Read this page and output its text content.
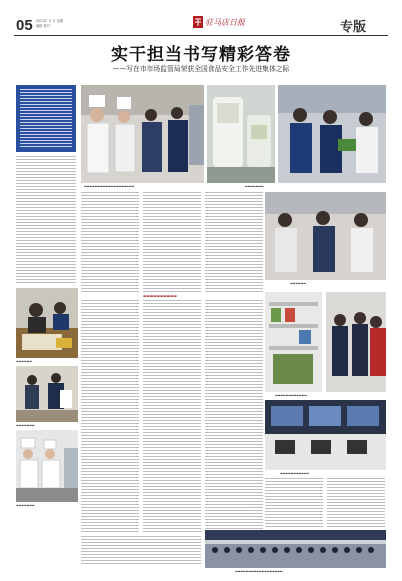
05 2021年 月 日 星期
编辑 校对	驻马店日报	专版
实干担当书写精彩答卷
——写在市市场监管局荣获全国食品安全工作先进集体之际
▬▬▬▬▬▬
▬▬▬▬▬▬▬
▬▬▬▬▬▬▬
▬▬▬▬▬▬▬▬▬▬▬▬▬▬▬▬▬▬▬	▬▬▬▬▬▬▬
▬▬▬▬▬▬▬▬▬▬
▬▬▬▬▬▬
▬▬▬▬▬▬▬▬▬▬▬▬
▬▬▬▬▬▬▬▬▬▬▬
▬▬▬▬▬▬▬▬▬▬▬▬▬▬▬▬▬▬
